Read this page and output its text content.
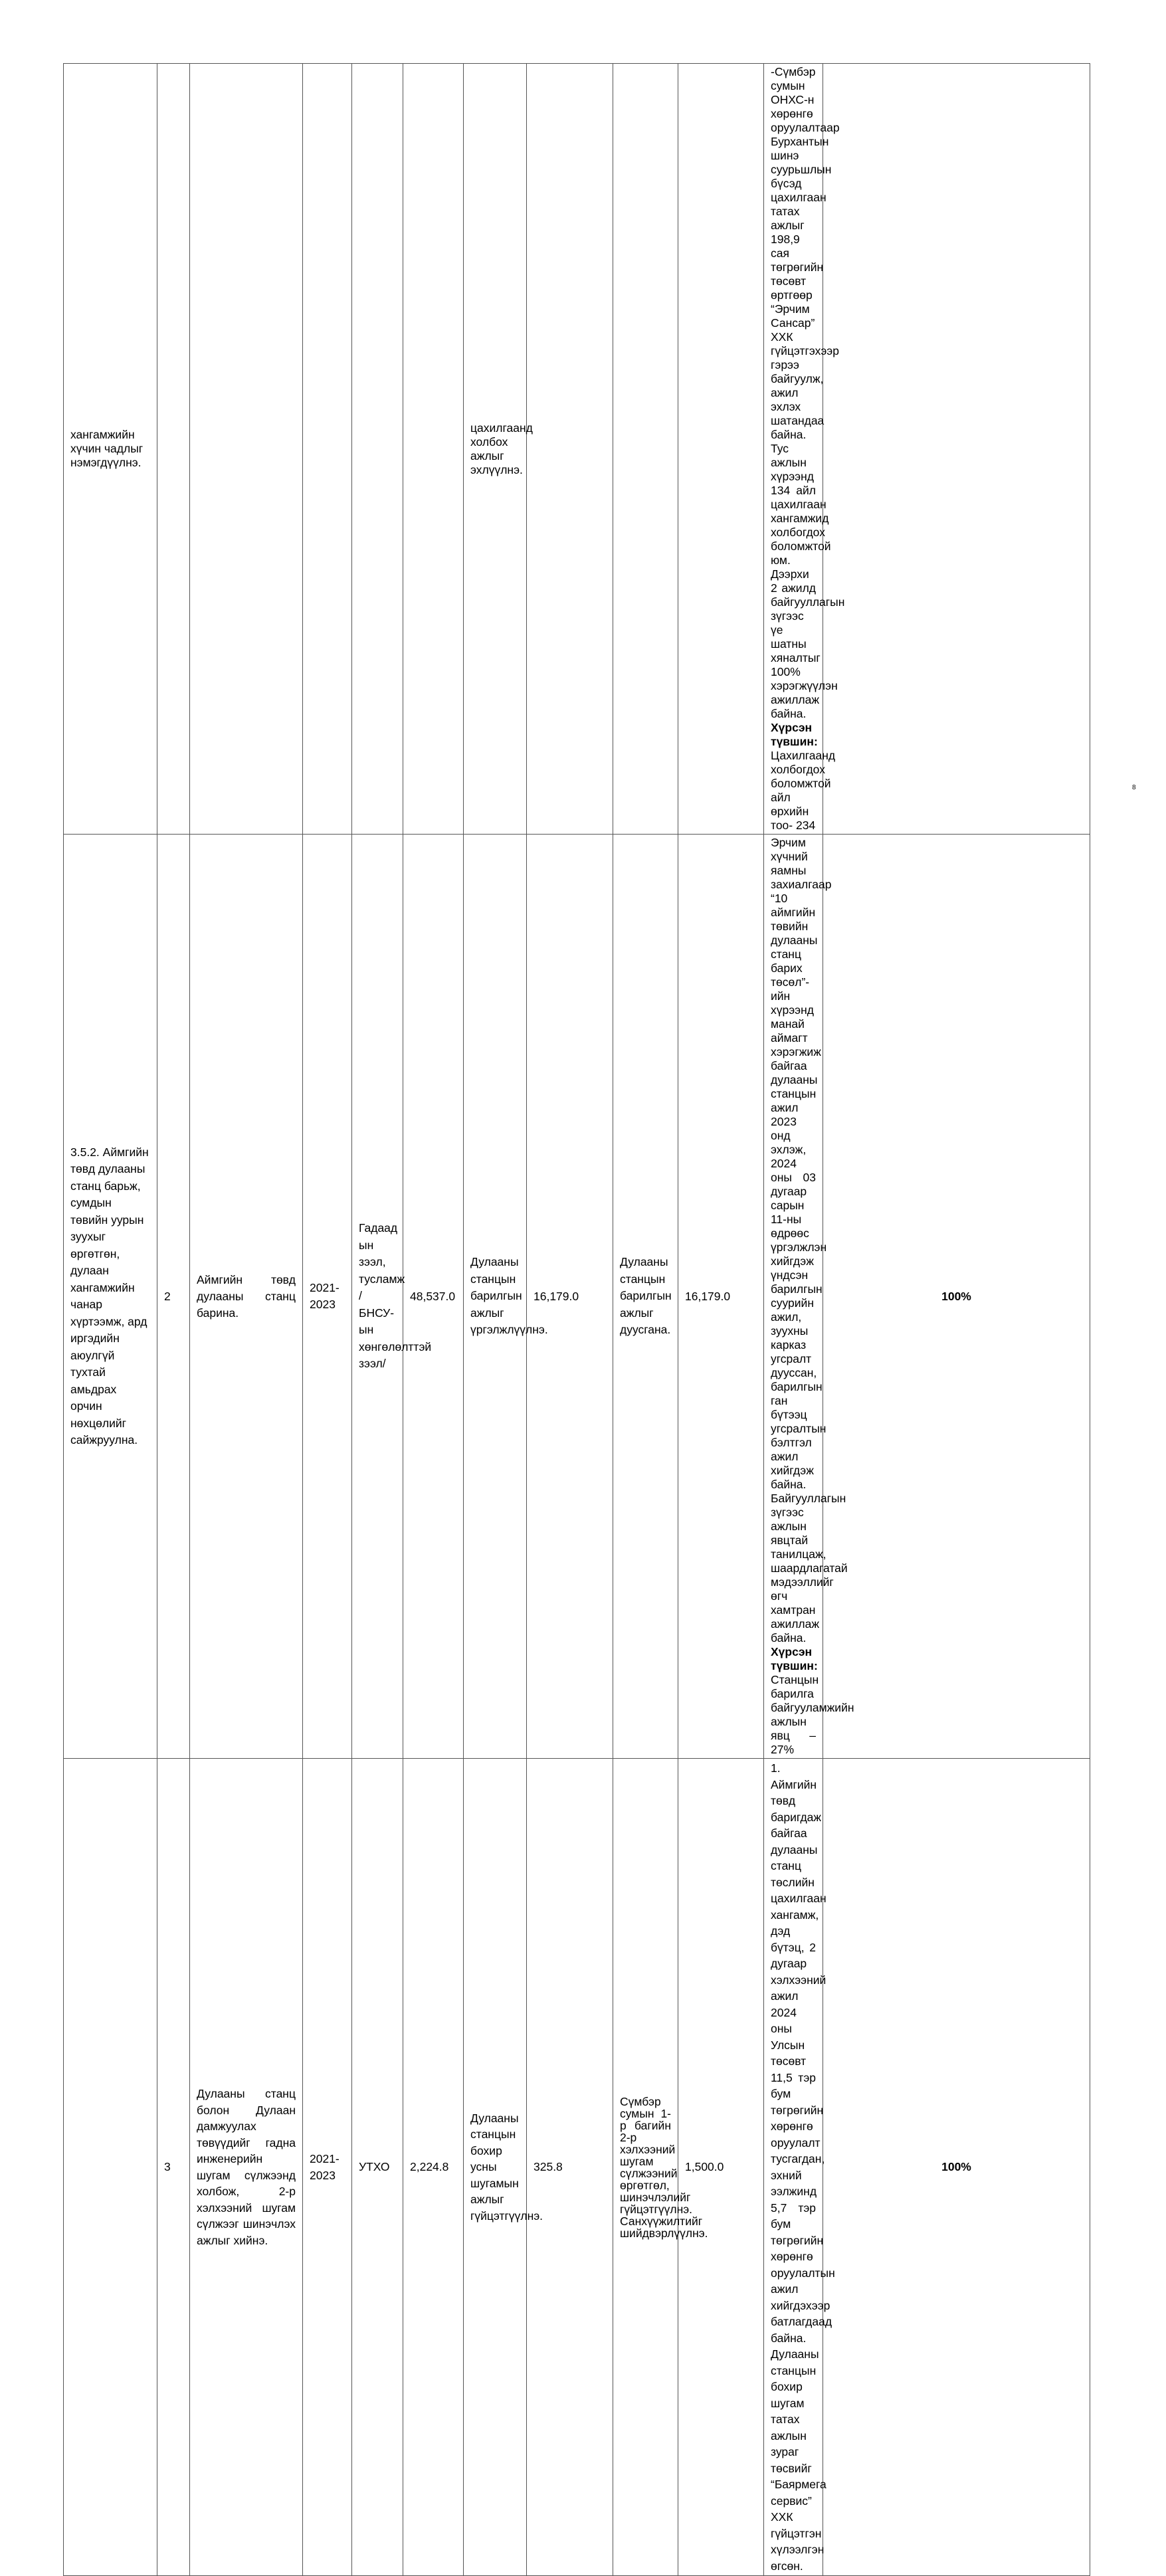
хангамжийн хүчин чадлыг нэмэгдүүлнэ.						цахилгаанд холбох ажлыг эхлүүлнэ.				-Сүмбэр сумын ОНХС-н хөрөнгө оруулалтаар Бурхантын шинэ суурьшлын бүсэд цахилгаан татах ажлыг 198,9 сая төгрөгийн төсөвт өртгөөр “Эрчим Сансар” ХХК гүйцэтгэхээр гэрээ байгуулж, ажил эхлэх шатандаа байна. Тус ажлын хүрээнд 134 айл цахилгаан хангамжид холбогдох боломжтой юм.
Дээрхи 2 ажилд байгууллагын зүгээс үе шатны хяналтыг 100% хэрэгжүүлэн ажиллаж байна.
Хүрсэн түвшин: Цахилгаанд холбогдох боломжтой айл өрхийн тоо- 234	

3.5.2. Аймгийн төвд дулааны станц барьж, сумдын төвийн уурын зуухыг өргөтгөн, дулаан хангамжийн чанар хүртээмж, ард иргэдийн аюулгүй тухтай амьдрах орчин нөхцөлийг сайжруулна.	2	Аймгийн төвд дулааны станц барина.	2021-2023	Гадаад ын зээл, тусламж /БНСУ-ын хөнгөлөлттэй зээл/	48,537.0	Дулааны станцын барилгын ажлыг үргэлжлүүлнэ.	16,179.0	Дулааны станцын барилгын ажлыг дуусгана.	16,179.0	Эрчим хүчний яамны захиалгаар “10 аймгийн төвийн дулааны станц барих төсөл”-ийн хүрээнд манай аймагт хэрэгжиж байгаа дулааны станцын ажил 2023 онд эхлэж, 2024 оны 03 дугаар сарын 11-ны өдрөөс үргэлжлэн хийгдэж үндсэн барилгын суурийн ажил, зуухны карказ угсралт дууссан, барилгын ган бүтээц угсралтын бэлтгэл ажил хийгдэж байна. Байгууллагын зүгээс ажлын явцтай танилцаж, шаардлагатай мэдээллийг өгч хамтран ажиллаж байна.
Хүрсэн түвшин: Станцын барилга байгууламжийн ажлын явц – 27%	100%
	3	Дулааны станц болон Дулаан дамжуулах төвүүдийг гадна инженерийн шугам сүлжээнд холбож, 2-р хэлхээний шугам сүлжээг шинэчлэх ажлыг хийнэ.	2021-2023	УТХО	2,224.8	Дулааны станцын бохир усны шугамын ажлыг гүйцэтгүүлнэ.	325.8	Сүмбэр сумын 1-р багийн 2-р хэлхээний шугам сүлжээний өргөтгөл, шинэчлэлийг гүйцэтгүүлнэ. Санхүүжилтийг шийдвэрлүүлнэ.	1,500.0	1. Аймгийн төвд баригдаж байгаа дулааны станц төслийн цахилгаан хангамж, дэд бүтэц, 2 дугаар хэлхээний ажил 2024 оны Улсын төсөвт 11,5 тэр бум төгрөгийн хөрөнгө оруулалт тусгагдан, эхний ээлжинд 5,7 тэр бум төгрөгийн хөрөнгө оруулалтын ажил хийгдэхээр батлагдаад байна.
Дулааны станцын бохир шугам татах ажлын зураг төсвийг “Баярмега сервис” ХХК гүйцэтгэн хүлээлгэн өгсөн.	100%
8
